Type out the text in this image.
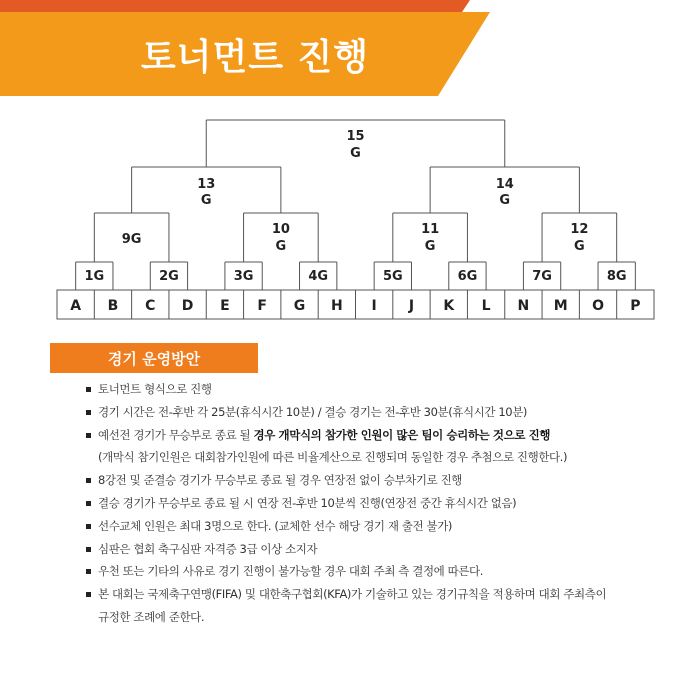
토너먼트 진행
A B C D E F G H I J K L N M O P
1G	2G	3G	4G	5G	6G	7G	8G
9G
10
G
11
G
12
G
13
G
14
G
15
G
경기 운영방안
토너먼트 형식으로 진행
경기 시간은 전-후반 각 25분(휴식시간 10분) / 결승 경기는 전-후반 30분(휴식시간 10분)
예선전 경기가 무승부로 종료 될 경우 개막식의 참가한 인원이 많은 팀이 승리하는 것으로 진행
(개막식 참기인원은 대회참가인원에 따른 비율계산으로 진행되며 동일한 경우 추첨으로 진행한다.)
8강전 및 준결승 경기가 무승부로 종료 될 경우 연장전 없이 승부차기로 진행
결승 경기가 무승부로 종료 될 시 연장 전-후반 10분씩 진행(연장전 중간 휴식시간 없음)
선수교체 인원은 최대 3명으로 한다. (교체한 선수 해당 경기 재 출전 불가)
심판은 협회 축구심판 자격증 3급 이상 소지자
우천 또는 기타의 사유로 경기 진행이 불가능할 경우 대회 주최 측 결정에 따른다.
본 대회는 국제축구연맹(FIFA) 및 대한축구협회(KFA)가 기술하고 있는 경기규칙을 적용하며 대회 주최측이
규정한 조례에 준한다.
